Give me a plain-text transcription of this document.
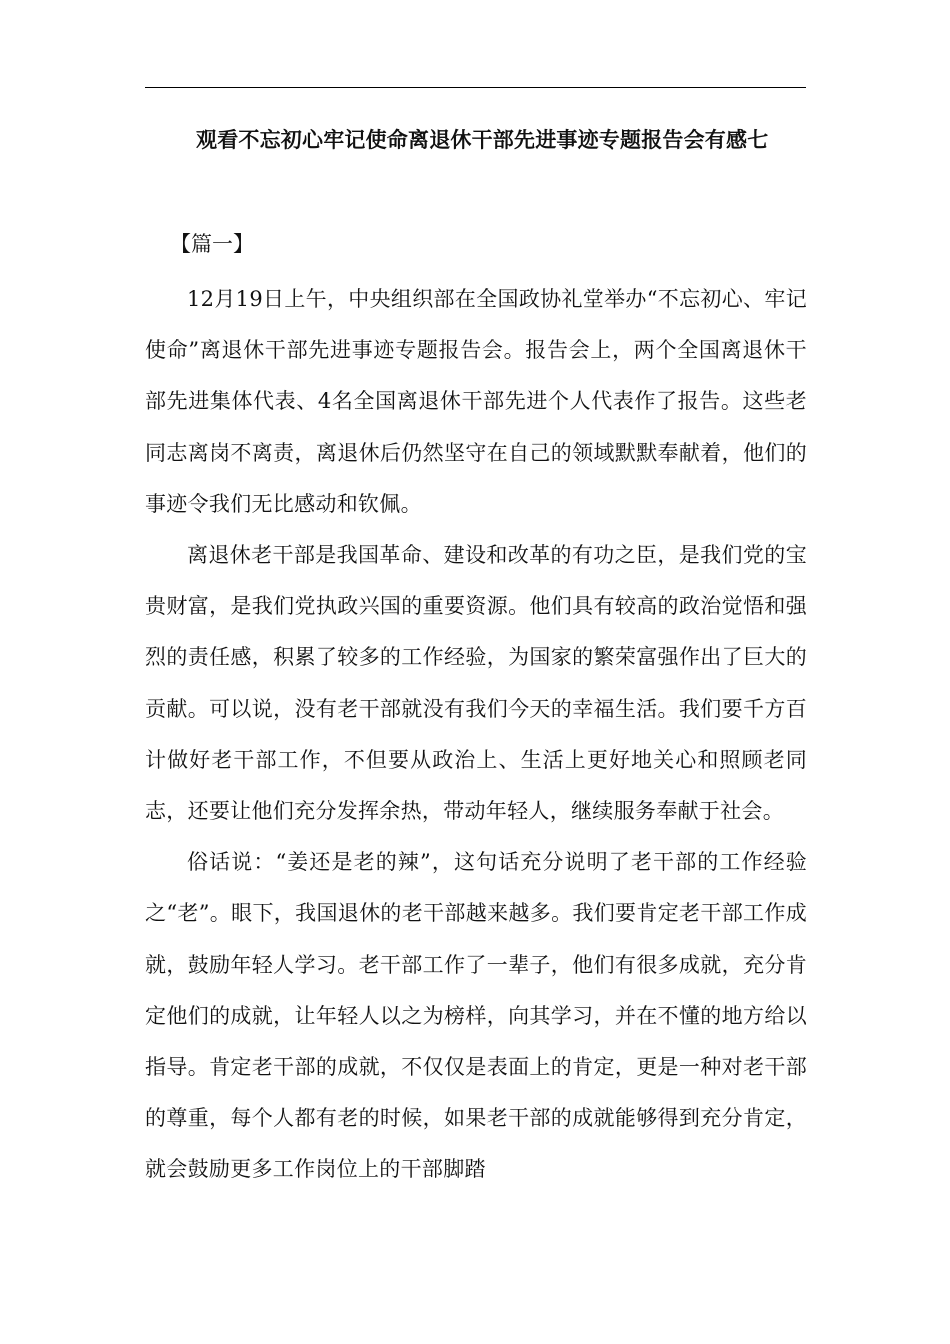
观看不忘初心牢记使命离退休干部先进事迹专题报告会有感七
【篇一】

12月19日上午，中央组织部在全国政协礼堂举办“不忘初心、牢记使命”离退休干部先进事迹专题报告会。报告会上，两个全国离退休干部先进集体代表、4名全国离退休干部先进个人代表作了报告。这些老同志离岗不离责，离退休后仍然坚守在自己的领域默默奉献着，他们的事迹令我们无比感动和钦佩。

离退休老干部是我国革命、建设和改革的有功之臣，是我们党的宝贵财富，是我们党执政兴国的重要资源。他们具有较高的政治觉悟和强烈的责任感，积累了较多的工作经验，为国家的繁荣富强作出了巨大的贡献。可以说，没有老干部就没有我们今天的幸福生活。我们要千方百计做好老干部工作，不但要从政治上、生活上更好地关心和照顾老同志，还要让他们充分发挥余热，带动年轻人，继续服务奉献于社会。

俗话说：“姜还是老的辣”，这句话充分说明了老干部的工作经验之“老”。眼下，我国退休的老干部越来越多。我们要肯定老干部工作成就，鼓励年轻人学习。老干部工作了一辈子，他们有很多成就，充分肯定他们的成就，让年轻人以之为榜样，向其学习，并在不懂的地方给以指导。肯定老干部的成就，不仅仅是表面上的肯定，更是一种对老干部的尊重，每个人都有老的时候，如果老干部的成就能够得到充分肯定，就会鼓励更多工作岗位上的干部脚踏
